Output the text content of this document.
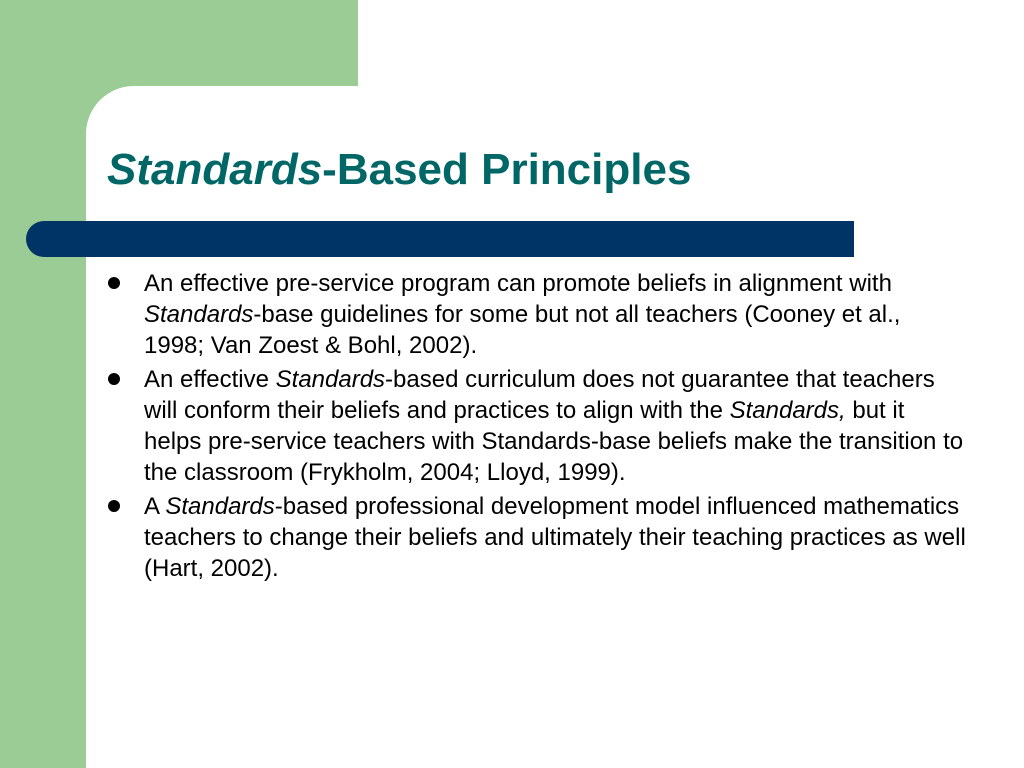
Standards-Based Principles
An effective pre-service program can promote beliefs in alignment with Standards-base guidelines for some but not all teachers (Cooney et al., 1998; Van Zoest & Bohl, 2002).
An effective Standards-based curriculum does not guarantee that teachers will conform their beliefs and practices to align with the Standards, but it helps pre-service teachers with Standards-base beliefs make the transition to the classroom (Frykholm, 2004; Lloyd, 1999).
A Standards-based professional development model influenced mathematics teachers to change their beliefs and ultimately their teaching practices as well (Hart, 2002).
